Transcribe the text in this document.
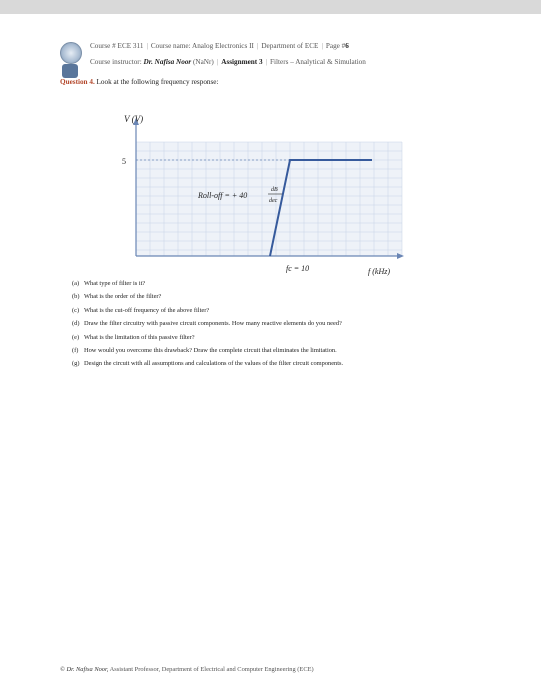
Course # ECE 311 | Course name: Analog Electronics II | Department of ECE | Page #6
Course instructor: Dr. Nafisa Noor (NaNr) | Assignment 3 | Filters – Analytical & Simulation
Question 4. Look at the following frequency response:
V (V)
5
Roll-off = + 40
dB
dec
fc = 10	f (kHz)
(a) What type of filter is it?
(b) What is the order of the filter?
(c) What is the cut-off frequency of the above filter?
(d) Draw the filter circuitry with passive circuit components. How many reactive elements do you need?
(e) What is the limitation of this passive filter?
(f) How would you overcome this drawback? Draw the complete circuit that eliminates the limitation.
(g) Design the circuit with all assumptions and calculations of the values of the filter circuit components.
© Dr. Nafisa Noor, Assistant Professor, Department of Electrical and Computer Engineering (ECE)
